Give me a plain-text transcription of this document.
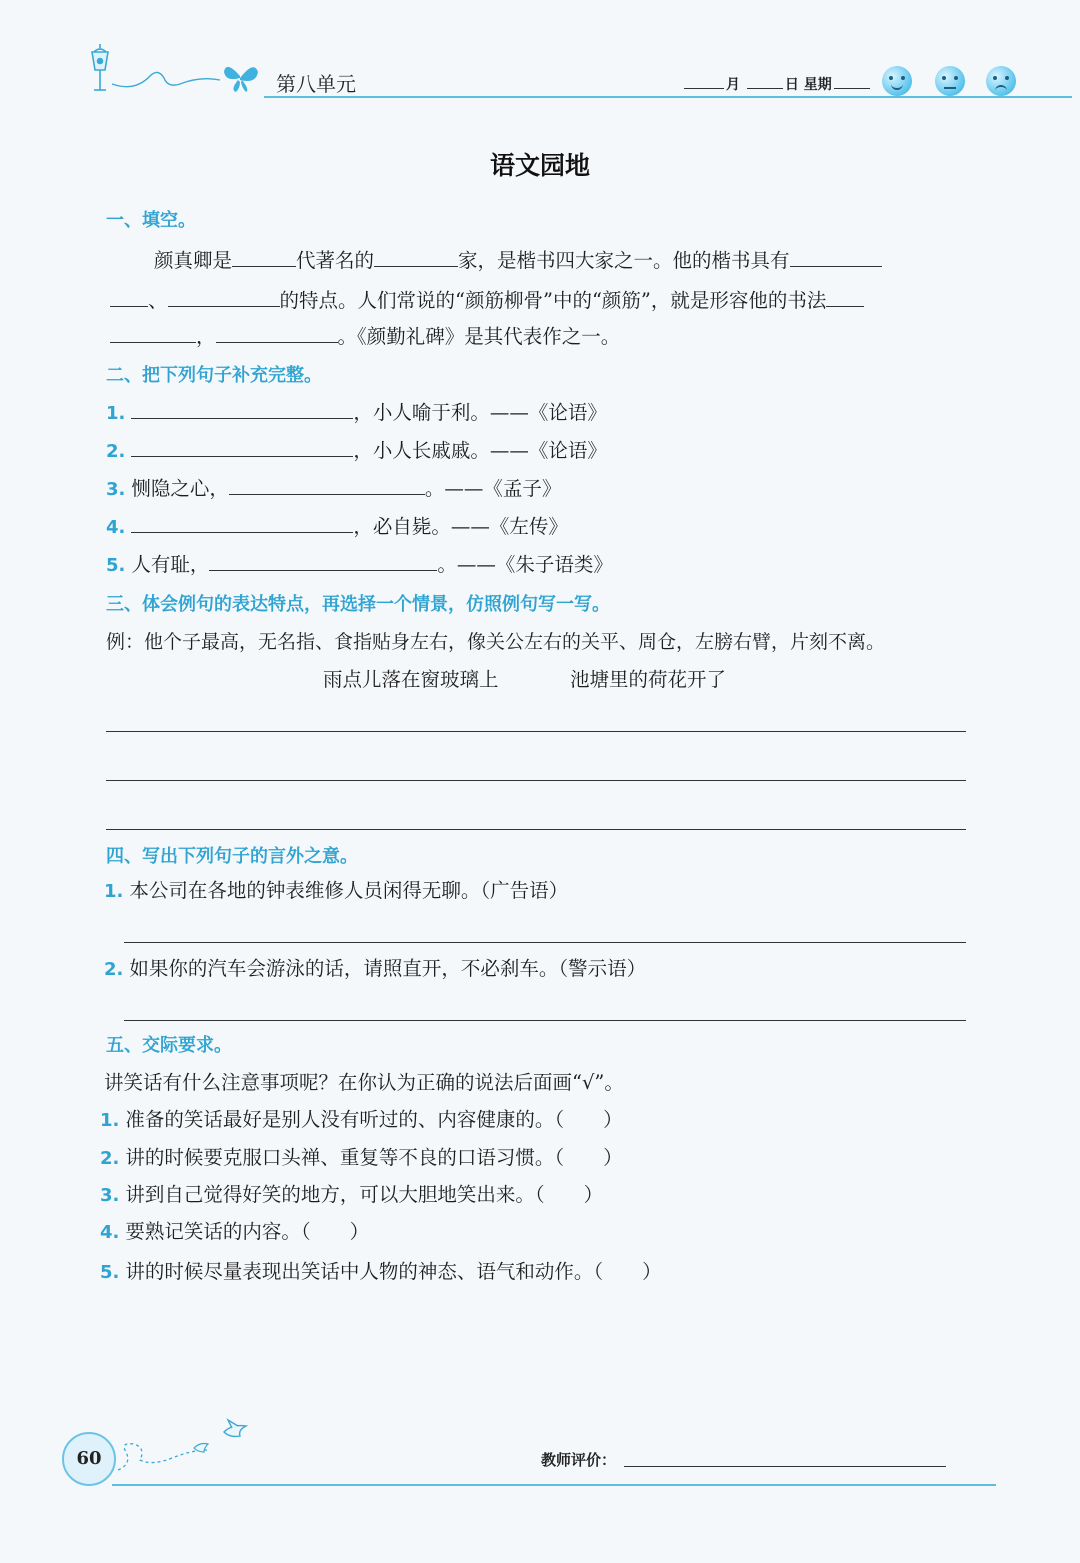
第八单元	月	日 星期
语文园地
一、填空。
颜真卿是	代著名的	家，是楷书四大家之一。他的楷书具有
、	的特点。人们常说的“颜筋柳骨”中的“颜筋”，就是形容他的书法
，	。《颜勤礼碑》是其代表作之一。
二、把下列句子补充完整。
1.	，小人喻于利。——《论语》
2.	，小人长戚戚。——《论语》
3. 恻隐之心，	。——《孟子》
4.	，必自毙。——《左传》
5. 人有耻，	。——《朱子语类》
三、体会例句的表达特点，再选择一个情景，仿照例句写一写。
例：他个子最高，无名指、食指贴身左右，像关公左右的关平、周仓，左膀右臂，片刻不离。
雨点儿落在窗玻璃上	池塘里的荷花开了
四、写出下列句子的言外之意。
1. 本公司在各地的钟表维修人员闲得无聊。（广告语）
2. 如果你的汽车会游泳的话，请照直开，不必刹车。（警示语）
五、交际要求。
讲笑话有什么注意事项呢？在你认为正确的说法后面画“√”。
1. 准备的笑话最好是别人没有听过的、内容健康的。（　　）
2. 讲的时候要克服口头禅、重复等不良的口语习惯。（　　）
3. 讲到自己觉得好笑的地方，可以大胆地笑出来。（　　）
4. 要熟记笑话的内容。（　　）
5. 讲的时候尽量表现出笑话中人物的神态、语气和动作。（　　）
60	教师评价：
